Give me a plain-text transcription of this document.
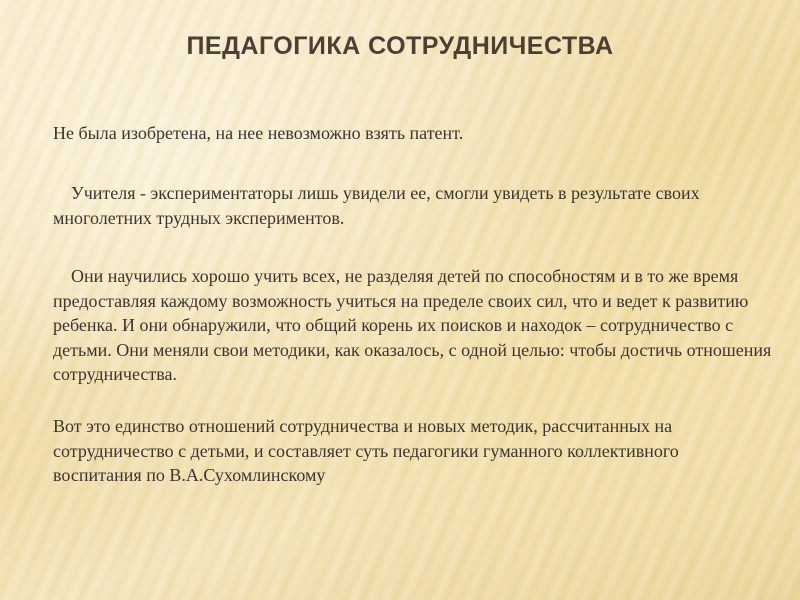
ПЕДАГОГИКА СОТРУДНИЧЕСТВА
Не была изобретена, на нее невозможно взять патент.
Учителя - экспериментаторы лишь увидели ее, смогли увидеть в результате своих многолетних трудных экспериментов.
Они научились хорошо учить всех, не разделяя детей по способностям и в то же время предоставляя каждому возможность учиться на пределе своих сил, что и ведет к развитию ребенка. И они обнаружили, что общий корень их поисков и находок – сотрудничество с детьми. Они меняли свои методики, как оказалось, с одной целью: чтобы достичь отношения сотрудничества.
Вот это единство отношений сотрудничества и новых методик, рассчитанных на сотрудничество с детьми, и составляет суть педагогики гуманного коллективного воспитания по В.А.Сухомлинскому
